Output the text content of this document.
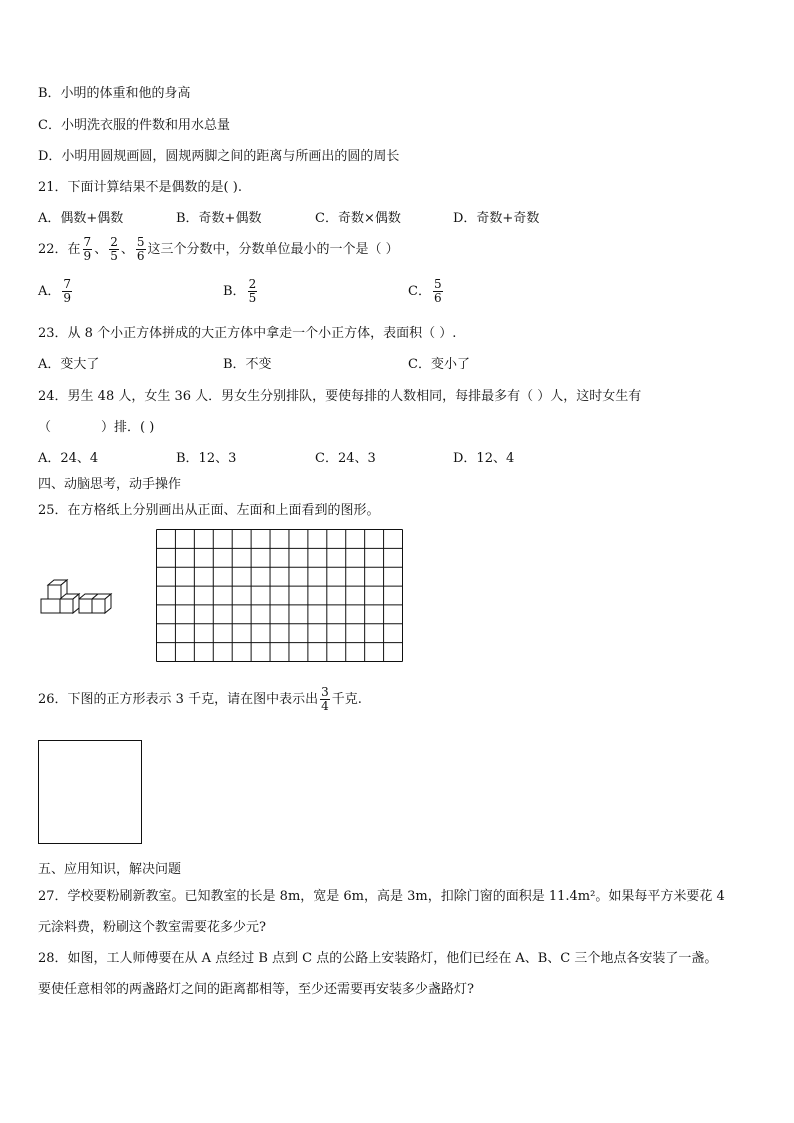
B．小明的体重和他的身高
C．小明洗衣服的件数和用水总量
D．小明用圆规画圆，圆规两脚之间的距离与所画出的圆的周长
21．下面计算结果不是偶数的是( ).
A．偶数+偶数	B．奇数+偶数	C．奇数×偶数	D．奇数+奇数
22．在 $\frac{7}{9}$ 、 $\frac{2}{5}$ 、 $\frac{5}{6}$ 这三个分数中，分数单位最小的一个是（ ）
A． $\frac{7}{9}$	B． $\frac{2}{5}$	C． $\frac{5}{6}$
23．从 8 个小正方体拼成的大正方体中拿走一个小正方体，表面积（ ）.
A．变大了	B．不变	C．变小了
24．男生 48 人，女生 36 人．男女生分别排队，要使每排的人数相同，每排最多有（ ）人，这时女生有
（	）排．( )
A．24、4	B．12、3	C．24、3	D．12、4
四、动脑思考，动手操作
25．在方格纸上分别画出从正面、左面和上面看到的图形。
26．下图的正方形表示 3 千克，请在图中表示出 $\frac{3}{4}$ 千克.
五、应用知识，解决问题
27．学校要粉刷新教室。已知教室的长是 8m，宽是 6m，高是 3m，扣除门窗的面积是 11.4m²。如果每平方米要花 4
元涂料费，粉刷这个教室需要花多少元?
28．如图，工人师傅要在从 A 点经过 B 点到 C 点的公路上安装路灯，他们已经在 A、B、C 三个地点各安装了一盏。
要使任意相邻的两盏路灯之间的距离都相等，至少还需要再安装多少盏路灯?
